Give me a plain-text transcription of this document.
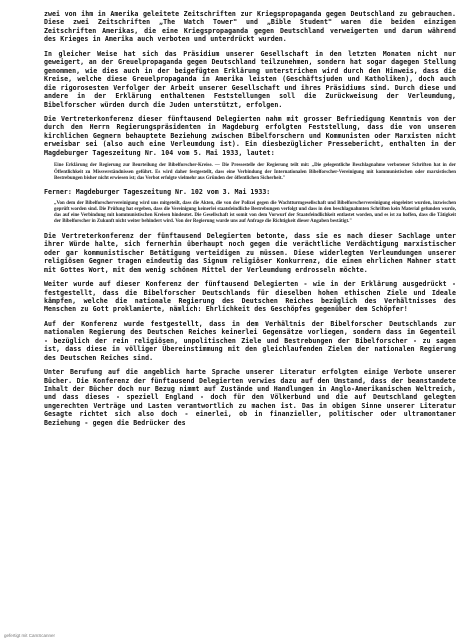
zwei von ihm in Amerika geleitete Zeitschriften zur Kriegspropaganda gegen Deutschland zu gebrauchen. Diese zwei Zeitschriften „The Watch Tower" und „Bible Student" waren die beiden einzigen Zeitschriften Amerikas, die eine Kriegspropaganda gegen Deutschland verweigerten und darum während des Krieges in Amerika auch verboten und unterdrückt wurden.

In gleicher Weise hat sich das Präsidium unserer Gesellschaft in den letzten Monaten nicht nur geweigert, an der Greuelpropaganda gegen Deutschland teilzunehmen, sondern hat sogar dagegen Stellung genommen, wie dies auch in der beigefügten Erklärung unterstrichen wird durch den Hinweis, dass die Kreise, welche diese Greuelpropaganda in Amerika leisten (Geschäftsjuden und Katholiken), doch auch die rigorosesten Verfolger der Arbeit unserer Gesellschaft und ihres Präsidiums sind. Durch diese und andere in der Erklärung enthaltenen Feststellungen soll die Zurückweisung der Verleumdung, Bibelforscher würden durch die Juden unterstützt, erfolgen.

Die Vertreterkonferenz dieser fünftausend Delegierten nahm mit grosser Befriedigung Kenntnis von der durch den Herrn Regierungspräsidenten in Magdeburg erfolgten Feststellung, dass die von unseren kirchlichen Gegnern behauptete Beziehung zwischen Bibelforschern und Kommunisten oder Marxisten nicht erweisbar sei (also auch eine Verleumdung ist). Ein diesbezüglicher Pressebericht, enthalten in der Magdeburger Tageszeitung Nr. 104 vom 5. Mai 1933, lautet:

Eine Erklärung der Regierung zur Beurteilung der Bibelforscher-Kreise. — Die Pressestelle der Regierung teilt mit: „Die gelegentliche Beschlagnahme verbotener Schriften hat in der Öffentlichkeit zu Missverständnissen geführt. Es wird daher festgestellt, dass eine Verbindung der Internationalen Bibelforscher-Vereinigung mit kommunistischen oder marxistischen Bestrebungen bisher nicht erwiesen ist; das Verbot erfolgte vielmehr aus Gründen der öffentlichen Sicherheit."

Ferner: Magdeburger Tageszeitung Nr. 102 vom 3. Mai 1933:

„Von dem der Bibelforschervereinigung wird uns mitgeteilt, dass die Akten, die von der Polizei gegen die Wachtturmgesellschaft und Bibelforschervereinigung eingeleitet wurden, inzwischen geprüft worden sind. Die Prüfung hat ergeben, dass die Vereinigung keinerlei staatsfeindliche Bestrebungen verfolgt und dass in den beschlagnahmten Schriften kein Material gefunden wurde, das auf eine Verbindung mit kommunistischen Kreisen hindeutet. Die Gesellschaft ist somit von dem Vorwurf der Staatsfeindlichkeit entlastet worden, und es ist zu hoffen, dass die Tätigkeit der Bibelforscher in Zukunft nicht weiter behindert wird. Von der Regierung wurde uns auf Anfrage die Richtigkeit dieser Angaben bestätigt."

Die Vertreterkonferenz der fünftausend Delegierten betonte, dass sie es nach dieser Sachlage unter ihrer Würde halte, sich fernerhin überhaupt noch gegen die verächtliche Verdächtigung marxistischer oder gar kommunistischer Betätigung verteidigen zu müssen. Diese widerlegten Verleumdungen unserer religiösen Gegner tragen eindeutig das Signum religiöser Konkurrenz, die einen ehrlichen Mahner statt mit Gottes Wort, mit dem wenig schönen Mittel der Verleumdung erdrosseln möchte.

Weiter wurde auf dieser Konferenz der fünftausend Delegierten - wie in der Erklärung ausgedrückt - festgestellt, dass die Bibelforscher Deutschlands für dieselben hohen ethischen Ziele und Ideale kämpfen, welche die nationale Regierung des Deutschen Reiches bezüglich des Verhältnisses des Menschen zu Gott proklamierte, nämlich: Ehrlichkeit des Geschöpfes gegenüber dem Schöpfer!

Auf der Konferenz wurde festgestellt, dass in dem Verhältnis der Bibelforscher Deutschlands zur nationalen Regierung des Deutschen Reiches keinerlei Gegensätze vorliegen, sondern dass im Gegenteil - bezüglich der rein religiösen, unpolitischen Ziele und Bestrebungen der Bibelforscher - zu sagen ist, dass diese in völliger Übereinstimmung mit den gleichlaufenden Zielen der nationalen Regierung des Deutschen Reiches sind.

Unter Berufung auf die angeblich harte Sprache unserer Literatur erfolgten einige Verbote unserer Bücher. Die Konferenz der fünftausend Delegierten verwies dazu auf den Umstand, dass der beanstandete Inhalt der Bücher doch nur Bezug nimmt auf Zustände und Handlungen in Anglo-Amerikanischen Weltreich, und dass dieses - speziell England - doch für den Völkerbund und die auf Deutschland gelegten ungerechten Verträge und Lasten verantwortlich zu machen ist. Das in obigen Sinne unserer Literatur Gesagte richtet sich also doch - einerlei, ob in finanzieller, politischer oder ultramontaner Beziehung - gegen die Bedrücker des

gefertigt mit CamScanner
